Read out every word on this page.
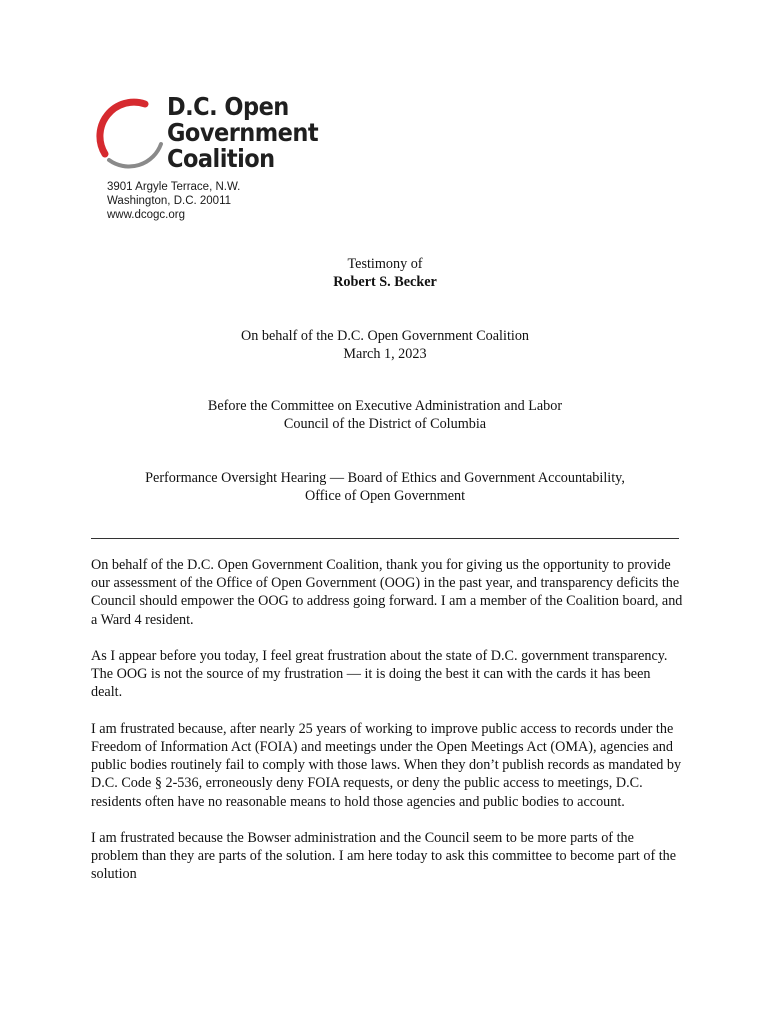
D.C. Open
Government
Coalition
3901 Argyle Terrace, N.W.
Washington, D.C. 20011
www.dcogc.org
Testimony of
Robert S. Becker
On behalf of the D.C. Open Government Coalition
March 1, 2023
Before the Committee on Executive Administration and Labor
Council of the District of Columbia
Performance Oversight Hearing — Board of Ethics and Government Accountability,
Office of Open Government

On behalf of the D.C. Open Government Coalition, thank you for giving us the opportunity to provide our assessment of the Office of Open Government (OOG) in the past year, and transparency deficits the Council should empower the OOG to address going forward. I am a member of the Coalition board, and a Ward 4 resident.

As I appear before you today, I feel great frustration about the state of D.C. government transparency. The OOG is not the source of my frustration — it is doing the best it can with the cards it has been dealt.

I am frustrated because, after nearly 25 years of working to improve public access to records under the Freedom of Information Act (FOIA) and meetings under the Open Meetings Act (OMA), agencies and public bodies routinely fail to comply with those laws. When they don’t publish records as mandated by D.C. Code § 2-536, erroneously deny FOIA requests, or deny the public access to meetings, D.C. residents often have no reasonable means to hold those agencies and public bodies to account.

I am frustrated because the Bowser administration and the Council seem to be more parts of the problem than they are parts of the solution. I am here today to ask this committee to become part of the solution
